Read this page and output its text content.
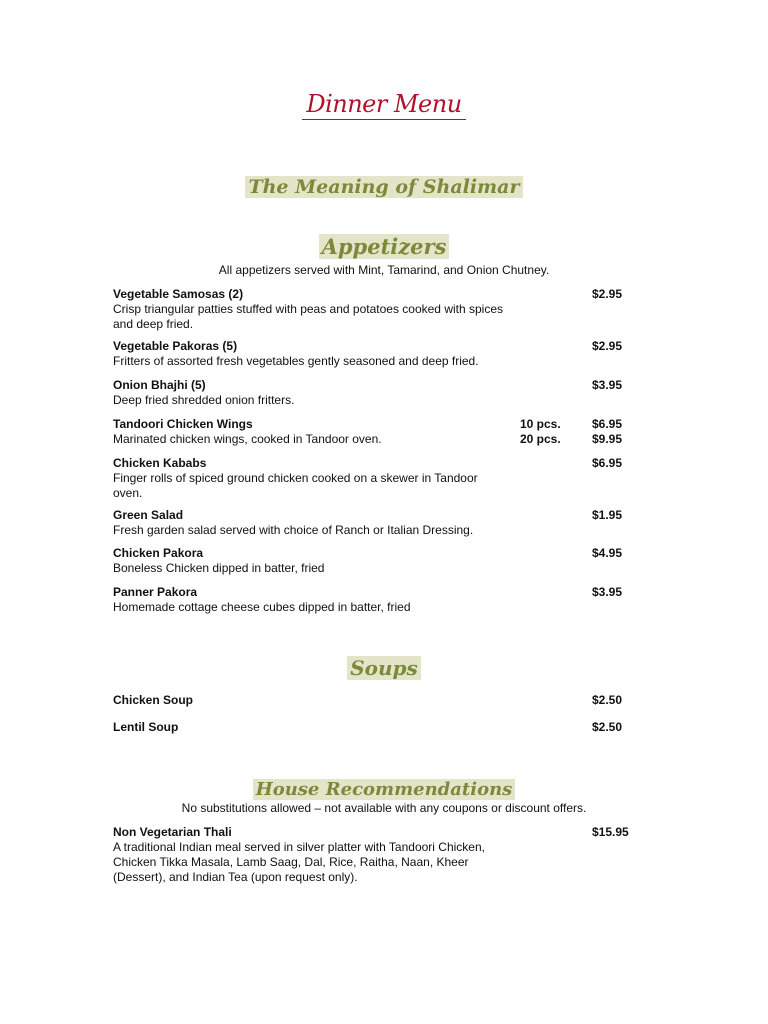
Dinner Menu
The Meaning of Shalimar
Appetizers
All appetizers served with Mint, Tamarind, and Onion Chutney.
Vegetable Samosas (2)
Crisp triangular patties stuffed with peas and potatoes cooked with spices and deep fried.
$2.95
Vegetable Pakoras (5)
Fritters of assorted fresh vegetables gently seasoned and deep fried.
$2.95
Onion Bhajhi (5)
Deep fried shredded onion fritters.
$3.95
Tandoori Chicken Wings
Marinated chicken wings, cooked in Tandoor oven.
10 pcs.	$6.95
20 pcs.	$9.95
Chicken Kababs
Finger rolls of spiced ground chicken cooked on a skewer in Tandoor oven.
$6.95
Green Salad
Fresh garden salad served with choice of Ranch or Italian Dressing.
$1.95
Chicken Pakora
Boneless Chicken dipped in batter, fried
$4.95
Panner Pakora
Homemade cottage cheese cubes dipped in batter, fried
$3.95
Soups
Chicken Soup	$2.50
Lentil Soup	$2.50
House Recommendations
No substitutions allowed – not available with any coupons or discount offers.
Non Vegetarian Thali
A traditional Indian meal served in silver platter with Tandoori Chicken, Chicken Tikka Masala, Lamb Saag, Dal, Rice, Raitha, Naan, Kheer (Dessert), and Indian Tea (upon request only).
$15.95
